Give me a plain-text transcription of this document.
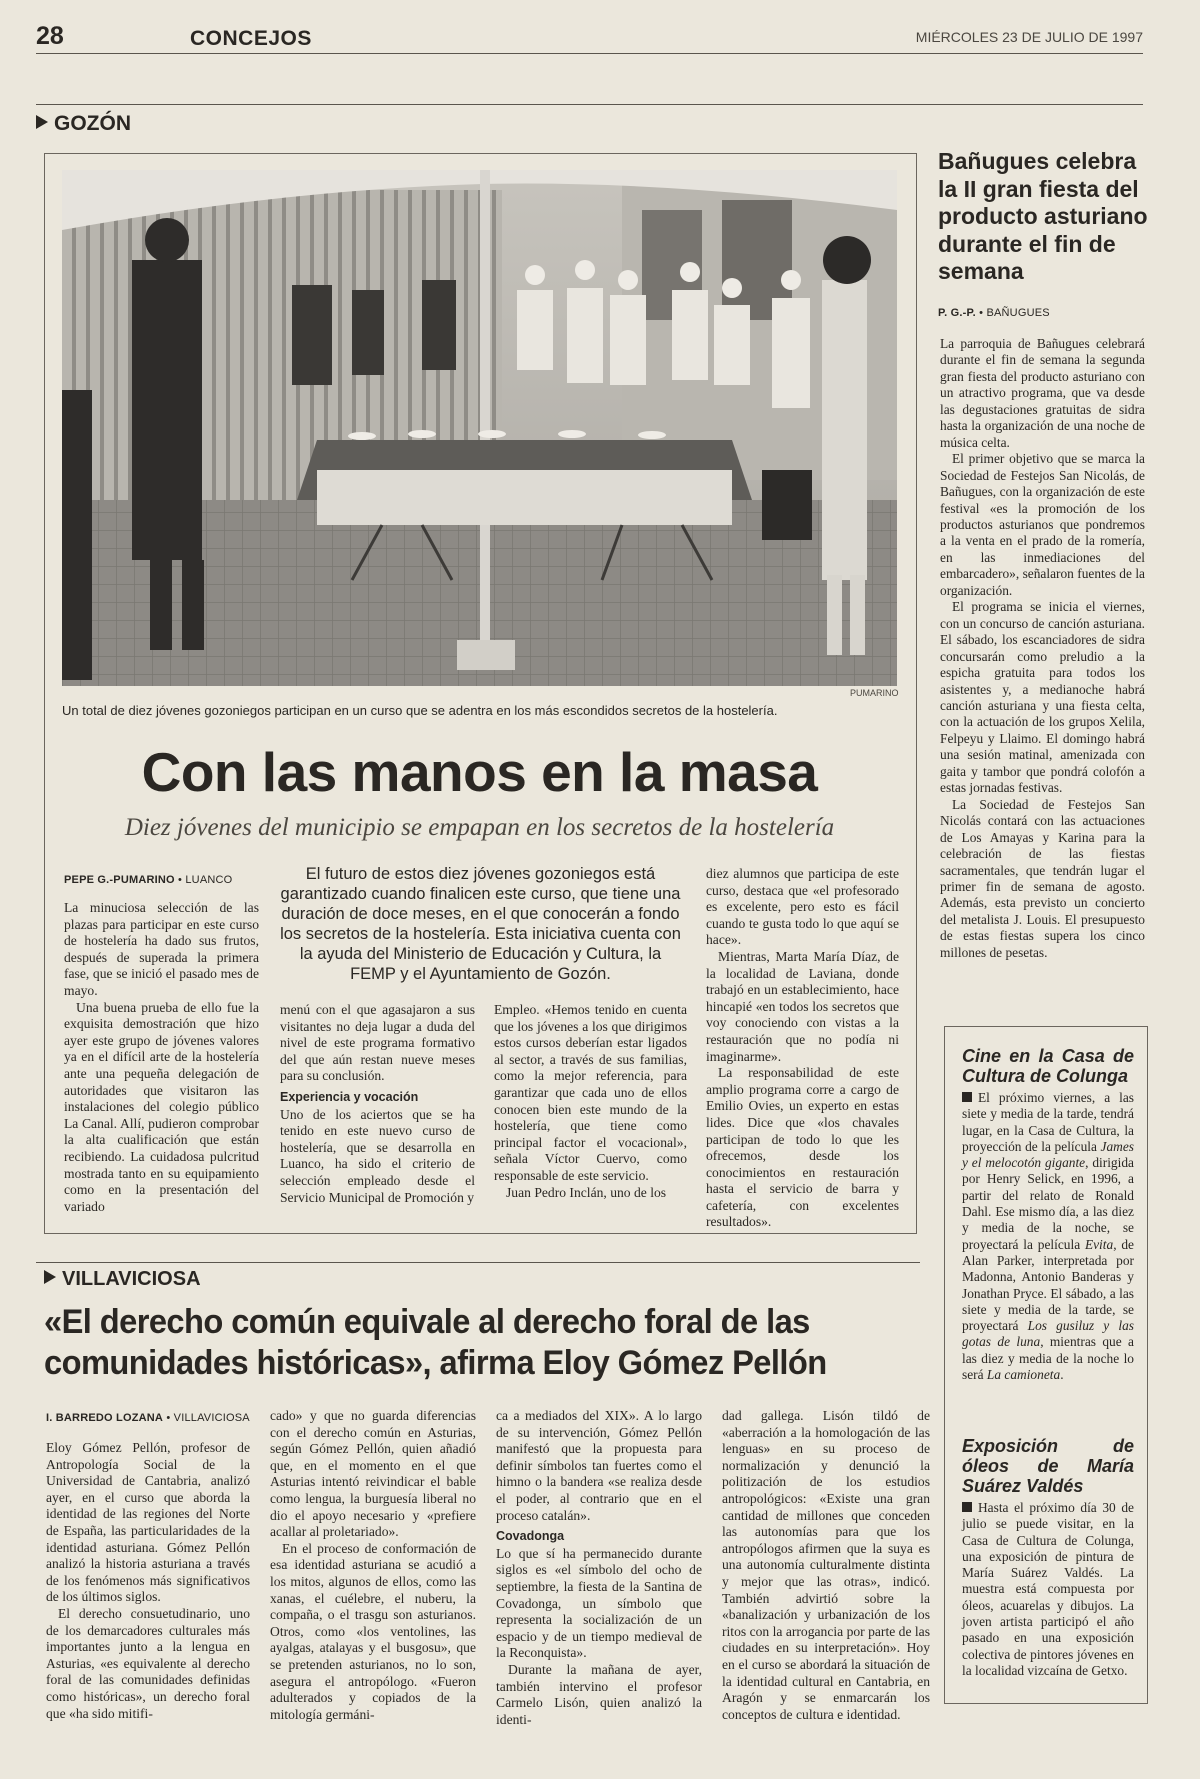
28	CONCEJOS	MIÉRCOLES 23 DE JULIO DE 1997
GOZÓN
PUMARINO
Un total de diez jóvenes gozoniegos participan en un curso que se adentra en los más escondidos secretos de la hostelería.
Con las manos en la masa
Diez jóvenes del municipio se empapan en los secretos de la hostelería
PEPE G.-PUMARINO • LUANCO

La minuciosa selección de las plazas para participar en este curso de hostelería ha dado sus frutos, después de superada la primera fase, que se inició el pasado mes de mayo.

Una buena prueba de ello fue la exquisita demostración que hizo ayer este grupo de jóvenes valores ya en el difícil arte de la hostelería ante una pequeña delegación de autoridades que visitaron las instalaciones del colegio público La Canal. Allí, pudieron comprobar la alta cualificación que están recibiendo. La cuidadosa pulcritud mostrada tanto en su equipamiento como en la presentación del variado

El futuro de estos diez jóvenes gozoniegos está garantizado cuando finalicen este curso, que tiene una duración de doce meses, en el que conocerán a fondo los secretos de la hostelería. Esta iniciativa cuenta con la ayuda del Ministerio de Educación y Cultura, la FEMP y el Ayuntamiento de Gozón.

menú con el que agasajaron a sus visitantes no deja lugar a duda del nivel de este programa formativo del que aún restan nueve meses para su conclusión.

Experiencia y vocación

Uno de los aciertos que se ha tenido en este nuevo curso de hostelería, que se desarrolla en Luanco, ha sido el criterio de selección empleado desde el Servicio Municipal de Promoción y

Empleo. «Hemos tenido en cuenta que los jóvenes a los que dirigimos estos cursos deberían estar ligados al sector, a través de sus familias, como la mejor referencia, para garantizar que cada uno de ellos conocen bien este mundo de la hostelería, que tiene como principal factor el vocacional», señala Víctor Cuervo, como responsable de este servicio.

Juan Pedro Inclán, uno de los

diez alumnos que participa de este curso, destaca que «el profesorado es excelente, pero esto es fácil cuando te gusta todo lo que aquí se hace».

Mientras, Marta María Díaz, de la localidad de Laviana, donde trabajó en un establecimiento, hace hincapié «en todos los secretos que voy conociendo con vistas a la restauración que no podía ni imaginarme».

La responsabilidad de este amplio programa corre a cargo de Emilio Ovies, un experto en estas lides. Dice que «los chavales participan de todo lo que les ofrecemos, desde los conocimientos en restauración hasta el servicio de barra y cafetería, con excelentes resultados».

Bañugues celebra la II gran fiesta del producto asturiano durante el fin de semana
P. G.-P. • BAÑUGUES

La parroquia de Bañugues celebrará durante el fin de semana la segunda gran fiesta del producto asturiano con un atractivo programa, que va desde las degustaciones gratuitas de sidra hasta la organización de una noche de música celta.

El primer objetivo que se marca la Sociedad de Festejos San Nicolás, de Bañugues, con la organización de este festival «es la promoción de los productos asturianos que pondremos a la venta en el prado de la romería, en las inmediaciones del embarcadero», señalaron fuentes de la organización.

El programa se inicia el viernes, con un concurso de canción asturiana. El sábado, los escanciadores de sidra concursarán como preludio a la espicha gratuita para todos los asistentes y, a medianoche habrá canción asturiana y una fiesta celta, con la actuación de los grupos Xelila, Felpeyu y Llaimo. El domingo habrá una sesión matinal, amenizada con gaita y tambor que pondrá colofón a estas jornadas festivas.

La Sociedad de Festejos San Nicolás contará con las actuaciones de Los Amayas y Karina para la celebración de las fiestas sacramentales, que tendrán lugar el primer fin de semana de agosto. Además, esta previsto un concierto del metalista J. Louis. El presupuesto de estas fiestas supera los cinco millones de pesetas.

Cine en la Casa de Cultura de Colunga

El próximo viernes, a las siete y media de la tarde, tendrá lugar, en la Casa de Cultura, la proyección de la película James y el melocotón gigante, dirigida por Henry Selick, en 1996, a partir del relato de Ronald Dahl. Ese mismo día, a las diez y media de la noche, se proyectará la película Evita, de Alan Parker, interpretada por Madonna, Antonio Banderas y Jonathan Pryce. El sábado, a las siete y media de la tarde, se proyectará Los gusiluz y las gotas de luna, mientras que a las diez y media de la noche lo será La camioneta.

Exposición de óleos de María Suárez Valdés

Hasta el próximo día 30 de julio se puede visitar, en la Casa de Cultura de Colunga, una exposición de pintura de María Suárez Valdés. La muestra está compuesta por óleos, acuarelas y dibujos. La joven artista participó el año pasado en una exposición colectiva de pintores jóvenes en la localidad vizcaína de Getxo.

VILLAVICIOSA
«El derecho común equivale al derecho foral de las comunidades históricas», afirma Eloy Gómez Pellón
I. BARREDO LOZANA • VILLAVICIOSA

Eloy Gómez Pellón, profesor de Antropología Social de la Universidad de Cantabria, analizó ayer, en el curso que aborda la identidad de las regiones del Norte de España, las particularidades de la identidad asturiana. Gómez Pellón analizó la historia asturiana a través de los fenómenos más significativos de los últimos siglos.

El derecho consuetudinario, uno de los demarcadores culturales más importantes junto a la lengua en Asturias, «es equivalente al derecho foral de las comunidades definidas como históricas», un derecho foral que «ha sido mitifi-

cado» y que no guarda diferencias con el derecho común en Asturias, según Gómez Pellón, quien añadió que, en el momento en el que Asturias intentó reivindicar el bable como lengua, la burguesía liberal no dio el apoyo necesario y «prefiere acallar al proletariado».

En el proceso de conformación de esa identidad asturiana se acudió a los mitos, algunos de ellos, como las xanas, el cuélebre, el nuberu, la compaña, o el trasgu son asturianos. Otros, como «los ventolines, las ayalgas, atalayas y el busgosu», que se pretenden asturianos, no lo son, asegura el antropólogo. «Fueron adulterados y copiados de la mitología germáni-

ca a mediados del XIX». A lo largo de su intervención, Gómez Pellón manifestó que la propuesta para definir símbolos tan fuertes como el himno o la bandera «se realiza desde el poder, al contrario que en el proceso catalán».

Covadonga

Lo que sí ha permanecido durante siglos es «el símbolo del ocho de septiembre, la fiesta de la Santina de Covadonga, un símbolo que representa la socialización de un espacio y de un tiempo medieval de la Reconquista».

Durante la mañana de ayer, también intervino el profesor Carmelo Lisón, quien analizó la identi-

dad gallega. Lisón tildó de «aberración a la homologación de las lenguas» en su proceso de normalización y denunció la politización de los estudios antropológicos: «Existe una gran cantidad de millones que conceden las autonomías para que los antropólogos afirmen que la suya es una autonomía culturalmente distinta y mejor que las otras», indicó. También advirtió sobre la «banalización y urbanización de los ritos con la arrogancia por parte de las ciudades en su interpretación». Hoy en el curso se abordará la situación de la identidad cultural en Cantabria, en Aragón y se enmarcarán los conceptos de cultura e identidad.
